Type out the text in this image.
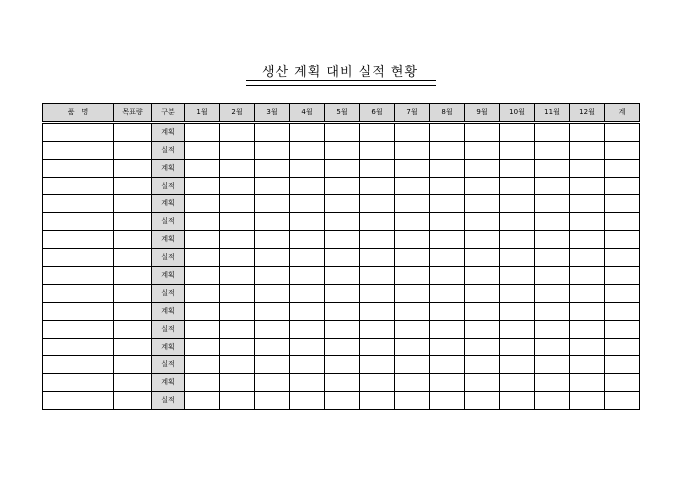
생산 계획 대비 실적 현황
품　명	목표량	구분	1월	2월	3월	4월	5월	6월	7월	8월	9월	10월	11월	12월	계
		계획													
		실적													
		계획													
		실적													
		계획													
		실적													
		계획													
		실적													
		계획													
		실적													
		계획													
		실적													
		계획													
		실적													
		계획													
		실적													
